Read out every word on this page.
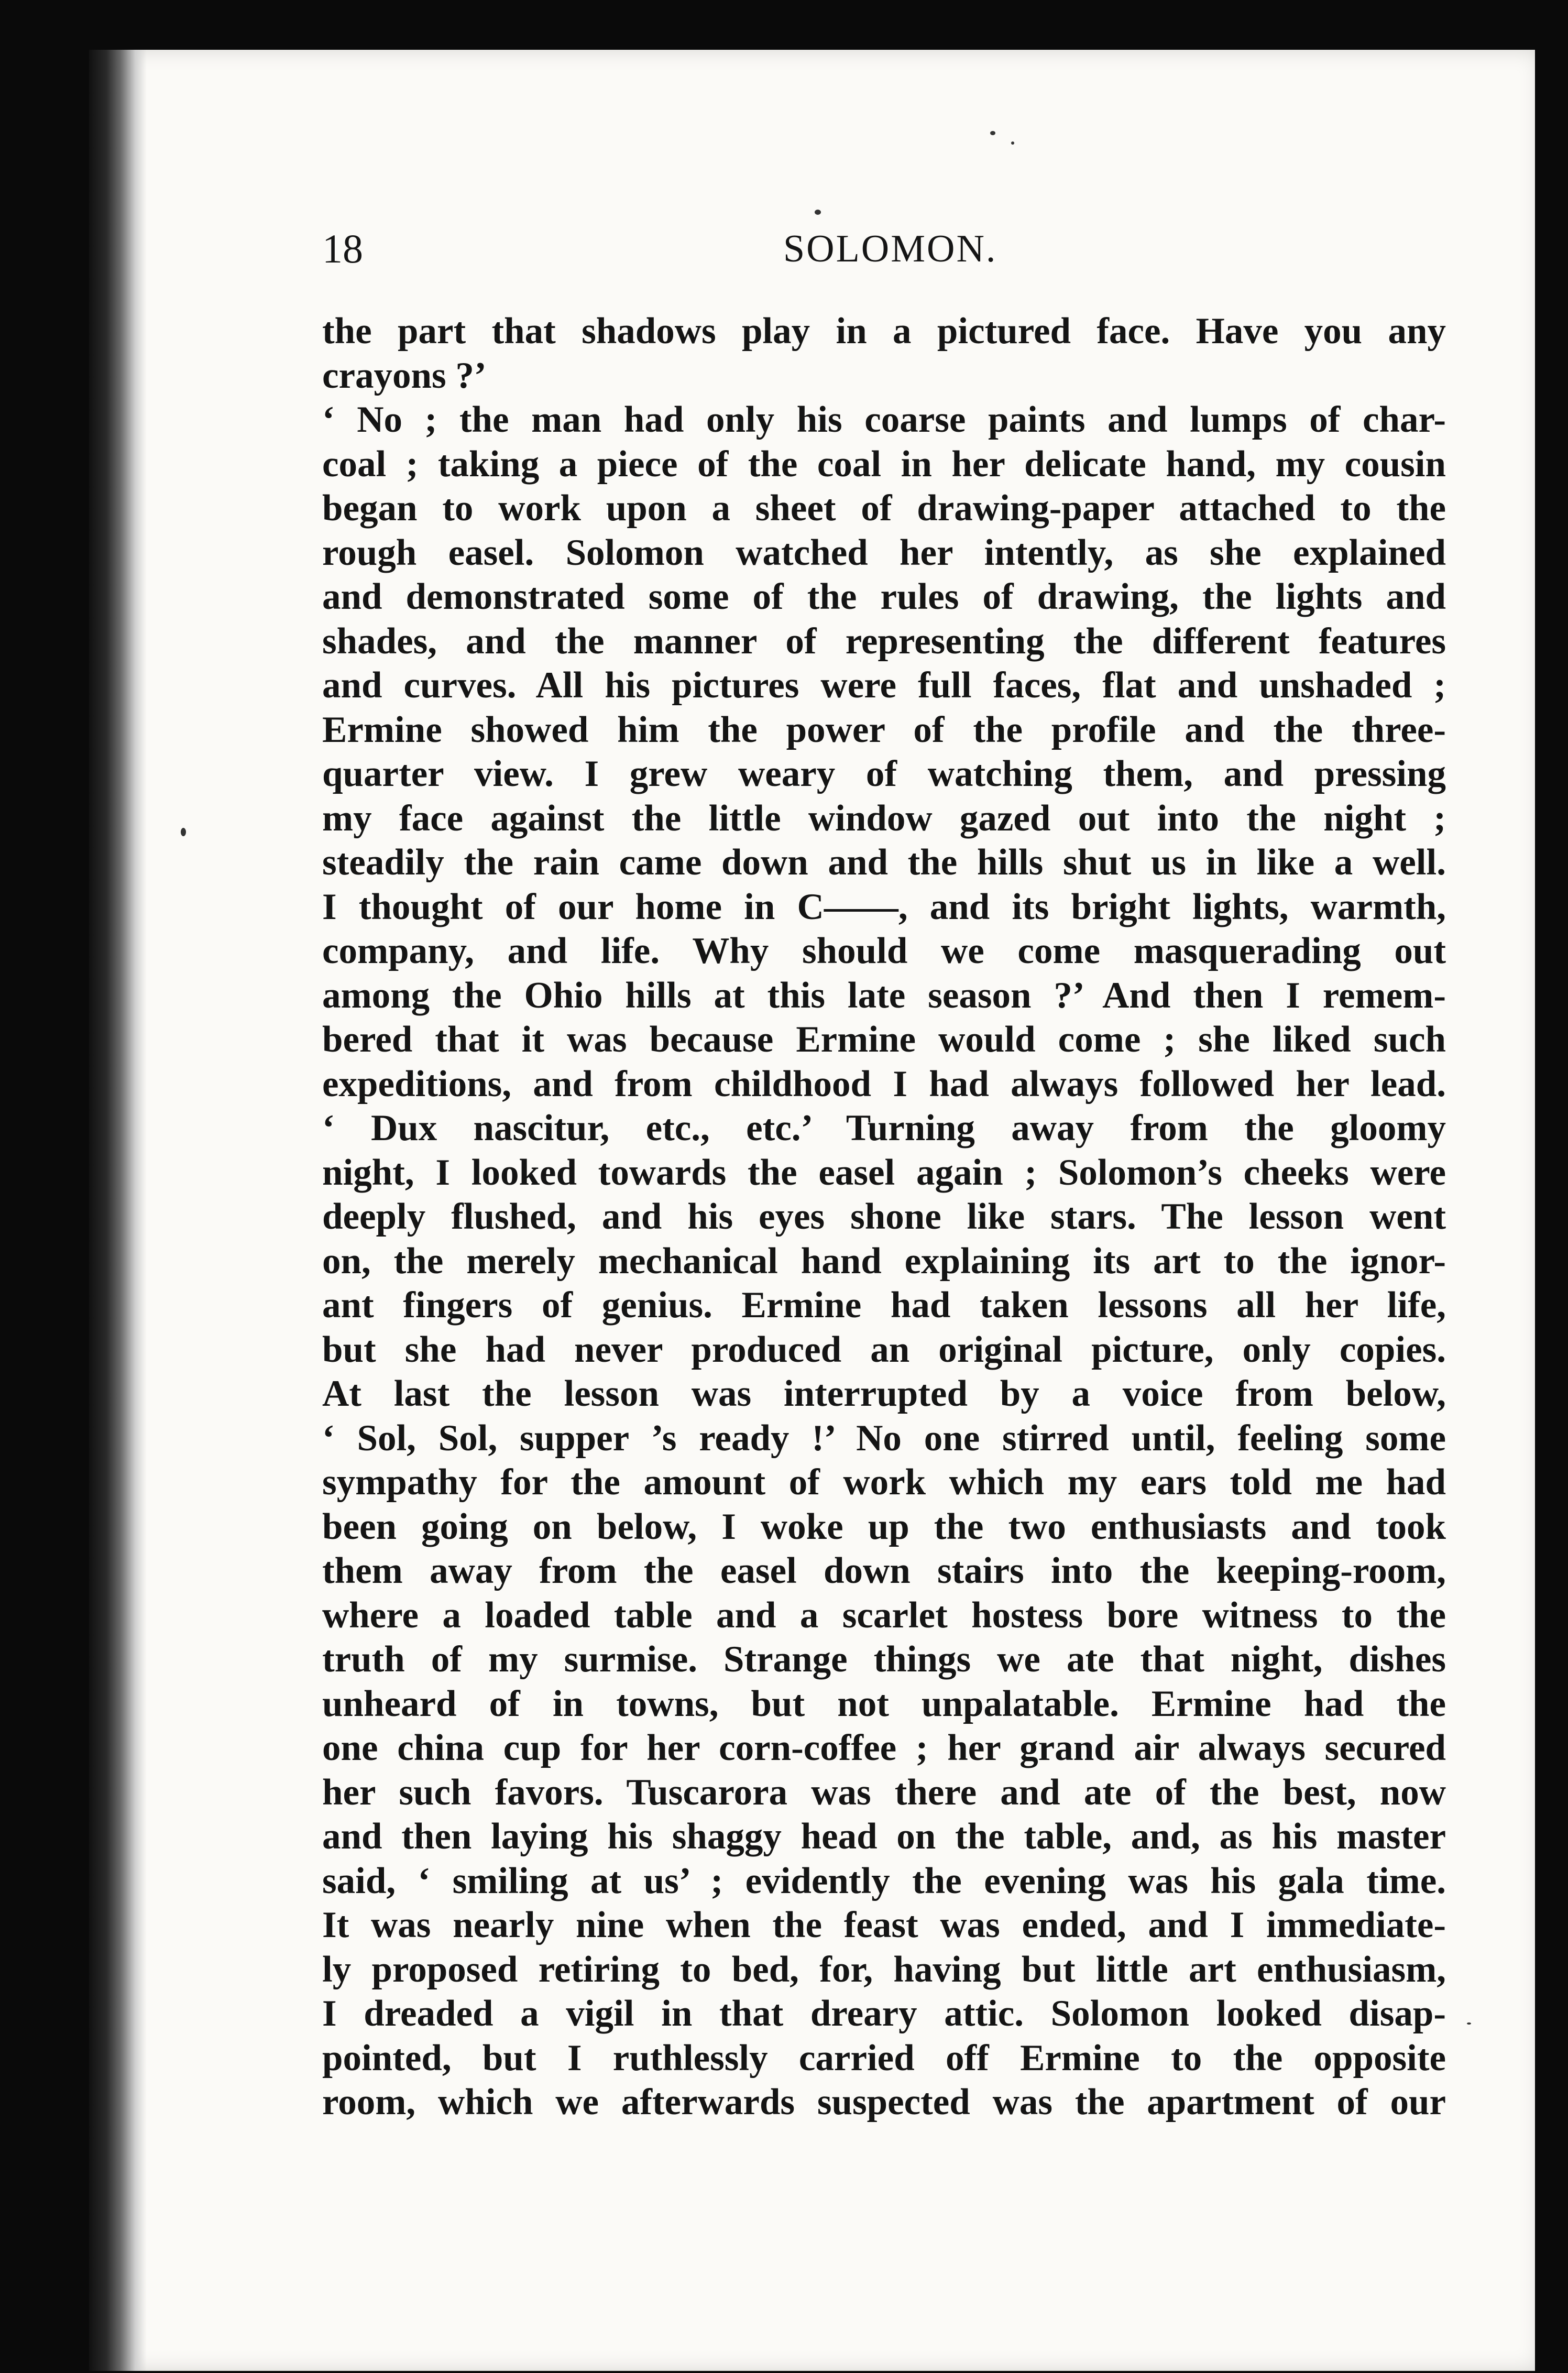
18	SOLOMON.
the part that shadows play in a pictured face. Have you any
crayons ?’
‘ No ; the man had only his coarse paints and lumps of char-
coal ; taking a piece of the coal in her delicate hand, my cousin
began to work upon a sheet of drawing-paper attached to the
rough easel. Solomon watched her intently, as she explained
and demonstrated some of the rules of drawing, the lights and
shades, and the manner of representing the different features
and curves. All his pictures were full faces, flat and unshaded ;
Ermine showed him the power of the profile and the three-
quarter view. I grew weary of watching them, and pressing
my face against the little window gazed out into the night ;
steadily the rain came down and the hills shut us in like a well.
I thought of our home in C——, and its bright lights, warmth,
company, and life. Why should we come masquerading out
among the Ohio hills at this late season ?’ And then I remem-
bered that it was because Ermine would come ; she liked such
expeditions, and from childhood I had always followed her lead.
‘ Dux nascitur, etc., etc.’ Turning away from the gloomy
night, I looked towards the easel again ; Solomon’s cheeks were
deeply flushed, and his eyes shone like stars. The lesson went
on, the merely mechanical hand explaining its art to the ignor-
ant fingers of genius. Ermine had taken lessons all her life,
but she had never produced an original picture, only copies.
At last the lesson was interrupted by a voice from below,
‘ Sol, Sol, supper ’s ready !’ No one stirred until, feeling some
sympathy for the amount of work which my ears told me had
been going on below, I woke up the two enthusiasts and took
them away from the easel down stairs into the keeping-room,
where a loaded table and a scarlet hostess bore witness to the
truth of my surmise. Strange things we ate that night, dishes
unheard of in towns, but not unpalatable. Ermine had the
one china cup for her corn-coffee ; her grand air always secured
her such favors. Tuscarora was there and ate of the best, now
and then laying his shaggy head on the table, and, as his master
said, ‘ smiling at us’ ; evidently the evening was his gala time.
It was nearly nine when the feast was ended, and I immediate-
ly proposed retiring to bed, for, having but little art enthusiasm,
I dreaded a vigil in that dreary attic. Solomon looked disap-
pointed, but I ruthlessly carried off Ermine to the opposite
room, which we afterwards suspected was the apartment of our
